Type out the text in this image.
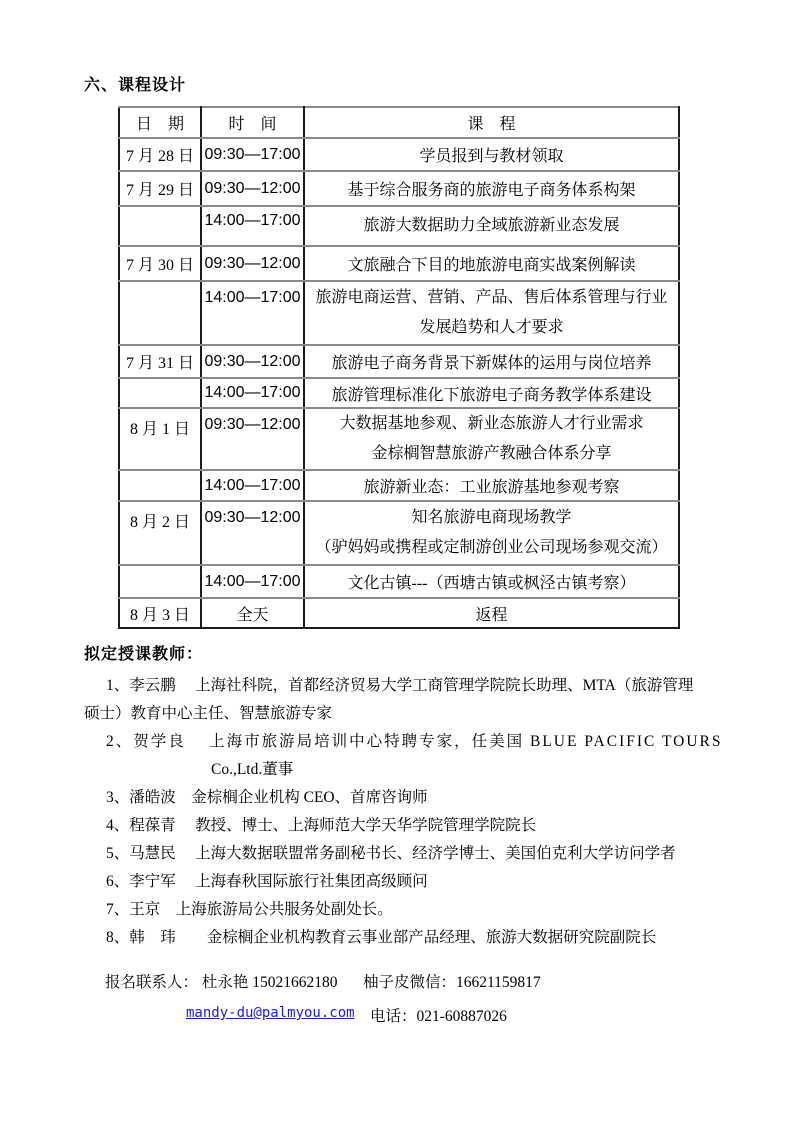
六、课程设计
日　期	时　间	课　程
7 月 28 日	09:30—17:00	学员报到与教材领取
7 月 29 日	09:30—12:00	基于综合服务商的旅游电子商务体系构架
	14:00—17:00	旅游大数据助力全域旅游新业态发展
7 月 30 日	09:30—12:00	文旅融合下目的地旅游电商实战案例解读
	14:00—17:00	旅游电商运营、营销、产品、售后体系管理与行业
发展趋势和人才要求

7 月 31 日	09:30—12:00	旅游电子商务背景下新媒体的运用与岗位培养
	14:00—17:00	旅游管理标准化下旅游电子商务教学体系建设
8 月 1 日	09:30—12:00	大数据基地参观、新业态旅游人才行业需求
金棕榈智慧旅游产教融合体系分享

	14:00—17:00	旅游新业态：工业旅游基地参观考察
8 月 2 日	09:30—12:00	知名旅游电商现场教学
（驴妈妈或携程或定制游创业公司现场参观交流）

	14:00—17:00	文化古镇---（西塘古镇或枫泾古镇考察）
8 月 3 日	全天	返程
拟定授课教师：
1、李云鹏　 上海社科院，首都经济贸易大学工商管理学院院长助理、MTA（旅游管理
硕士）教育中心主任、智慧旅游专家
2、贺学良　 上海市旅游局培训中心特聘专家，任美国 BLUE PACIFIC TOURS
Co.,Ltd.董事
3、潘皓波　金棕榈企业机构 CEO、首席咨询师
4、程葆青　 教授、博士、上海师范大学天华学院管理学院院长
5、马慧民　 上海大数据联盟常务副秘书长、经济学博士、美国伯克利大学访问学者
6、李宁军　 上海春秋国际旅行社集团高级顾问
7、王京　上海旅游局公共服务处副处长。
8、韩　玮　　金棕榈企业机构教育云事业部产品经理、旅游大数据研究院副院长
报名联系人： 杜永艳 15021662180 柚子皮微信：16621159817
mandy-du@palmyou.com 电话：021-60887026
